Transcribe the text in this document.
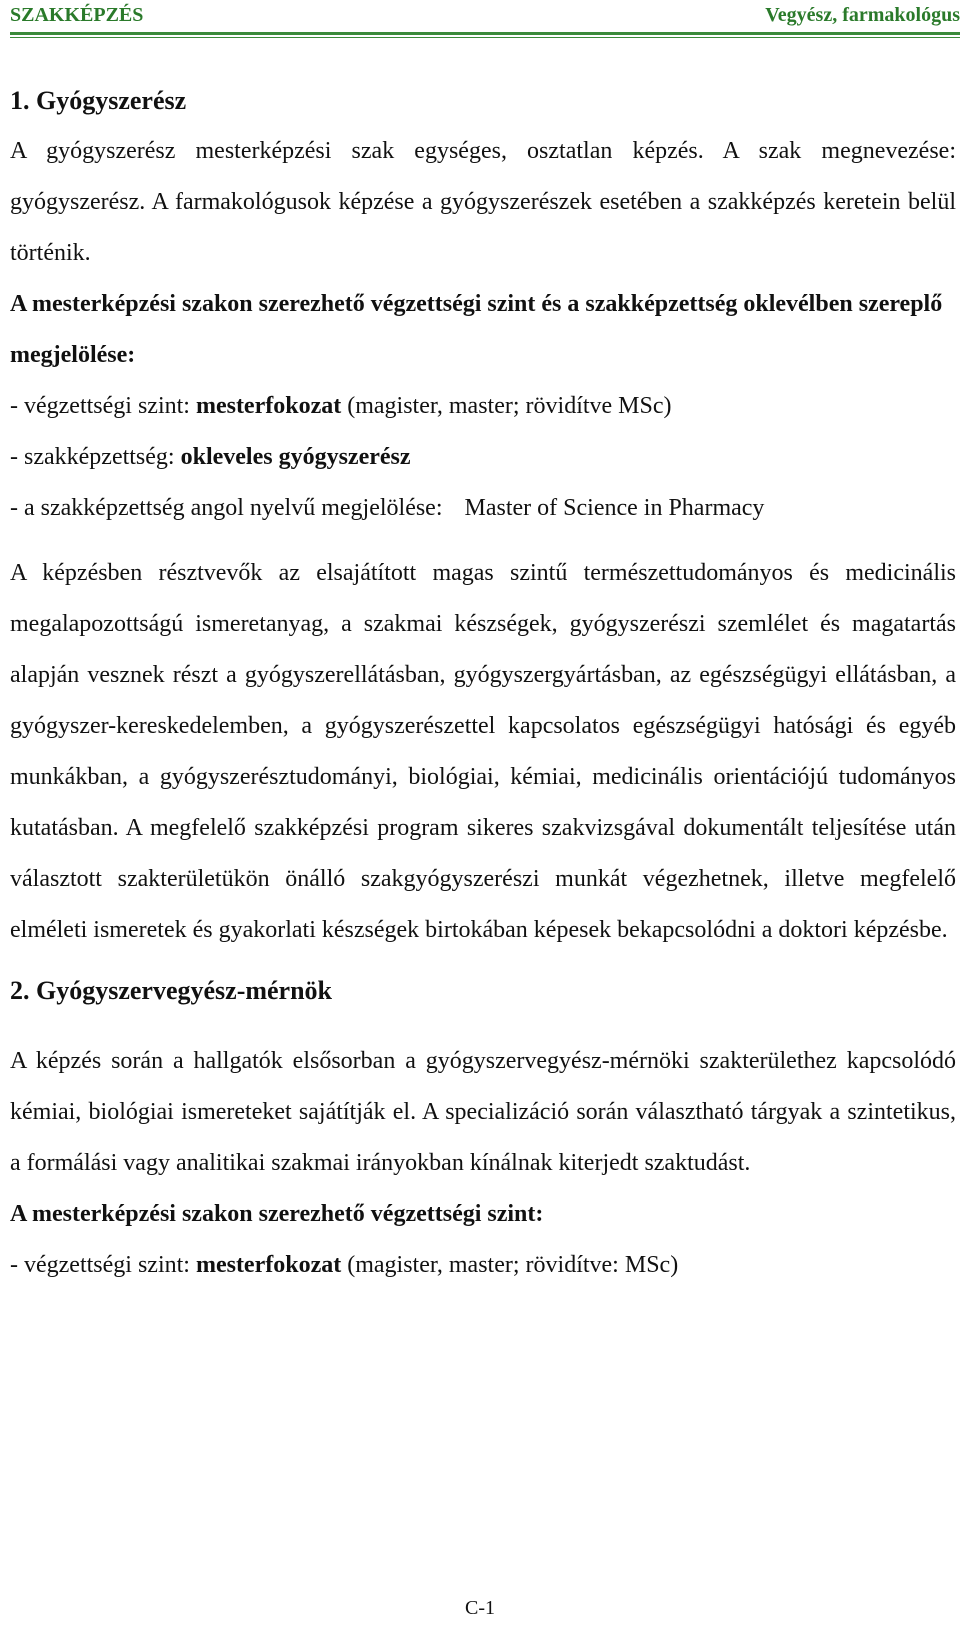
SZAKKÉPZÉS	Vegyész, farmakológus

1. Gyógyszerész

A gyógyszerész mesterképzési szak egységes, osztatlan képzés. A szak megnevezése: gyógyszerész. A farmakológusok képzése a gyógyszerészek esetében a szakképzés keretein belül történik.

A mesterképzési szakon szerezhető végzettségi szint és a szakképzettség oklevélben szereplő megjelölése:

- végzettségi szint: mesterfokozat (magister, master; rövidítve MSc)

- szakképzettség: okleveles gyógyszerész

- a szakképzettség angol nyelvű megjelölése: Master of Science in Pharmacy

A képzésben résztvevők az elsajátított magas szintű természettudományos és medicinális megalapozottságú ismeretanyag, a szakmai készségek, gyógyszerészi szemlélet és magatartás alapján vesznek részt a gyógyszerellátásban, gyógyszergyártásban, az egészségügyi ellátásban, a gyógyszer-kereskedelemben, a gyógyszerészettel kapcsolatos egészségügyi hatósági és egyéb munkákban, a gyógyszerésztudományi, biológiai, kémiai, medicinális orientációjú tudományos kutatásban. A megfelelő szakképzési program sikeres szakvizsgával dokumentált teljesítése után választott szakterületükön önálló szakgyógyszerészi munkát végezhetnek, illetve megfelelő elméleti ismeretek és gyakorlati készségek birtokában képesek bekapcsolódni a doktori képzésbe.

2. Gyógyszervegyész-mérnök

A képzés során a hallgatók elsősorban a gyógyszervegyész-mérnöki szakterülethez kapcsolódó kémiai, biológiai ismereteket sajátítják el. A specializáció során választható tárgyak a szintetikus, a formálási vagy analitikai szakmai irányokban kínálnak kiterjedt szaktudást.

A mesterképzési szakon szerezhető végzettségi szint:

- végzettségi szint: mesterfokozat (magister, master; rövidítve: MSc)

C-1
